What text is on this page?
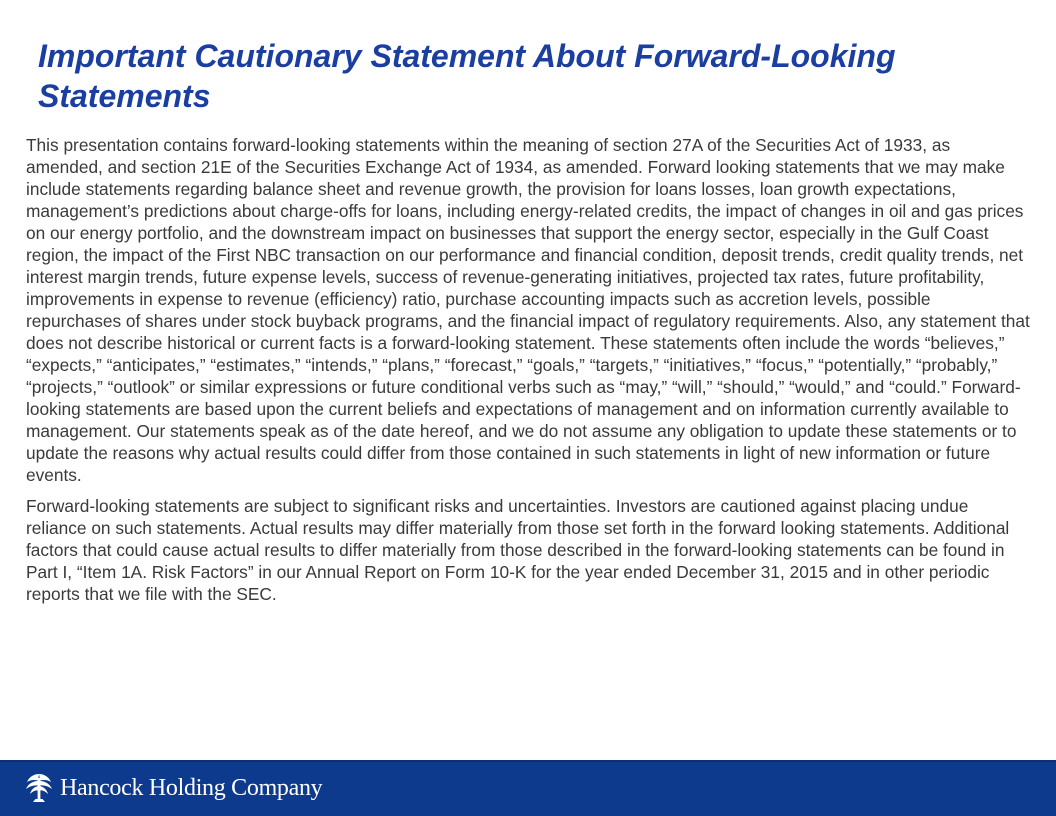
Important Cautionary Statement About Forward-Looking Statements

This presentation contains forward-looking statements within the meaning of section 27A of the Securities Act of 1933, as amended, and section 21E of the Securities Exchange Act of 1934, as amended. Forward looking statements that we may make include statements regarding balance sheet and revenue growth, the provision for loans losses, loan growth expectations, management’s predictions about charge-offs for loans, including energy-related credits, the impact of changes in oil and gas prices on our energy portfolio, and the downstream impact on businesses that support the energy sector, especially in the Gulf Coast region, the impact of the First NBC transaction on our performance and financial condition, deposit trends, credit quality trends, net interest margin trends, future expense levels, success of revenue-generating initiatives, projected tax rates, future profitability, improvements in expense to revenue (efficiency) ratio, purchase accounting impacts such as accretion levels, possible repurchases of shares under stock buyback programs, and the financial impact of regulatory requirements. Also, any statement that does not describe historical or current facts is a forward-looking statement. These statements often include the words “believes,” “expects,” “anticipates,” “estimates,” “intends,” “plans,” “forecast,” “goals,” “targets,” “initiatives,” “focus,” “potentially,” “probably,” “projects,” “outlook” or similar expressions or future conditional verbs such as “may,” “will,” “should,” “would,” and “could.” Forward-looking statements are based upon the current beliefs and expectations of management and on information currently available to management. Our statements speak as of the date hereof, and we do not assume any obligation to update these statements or to update the reasons why actual results could differ from those contained in such statements in light of new information or future events.

Forward-looking statements are subject to significant risks and uncertainties. Investors are cautioned against placing undue reliance on such statements. Actual results may differ materially from those set forth in the forward looking statements. Additional factors that could cause actual results to differ materially from those described in the forward-looking statements can be found in Part I, “Item 1A. Risk Factors” in our Annual Report on Form 10-K for the year ended December 31, 2015 and in other periodic reports that we file with the SEC.

Hancock Holding Company
